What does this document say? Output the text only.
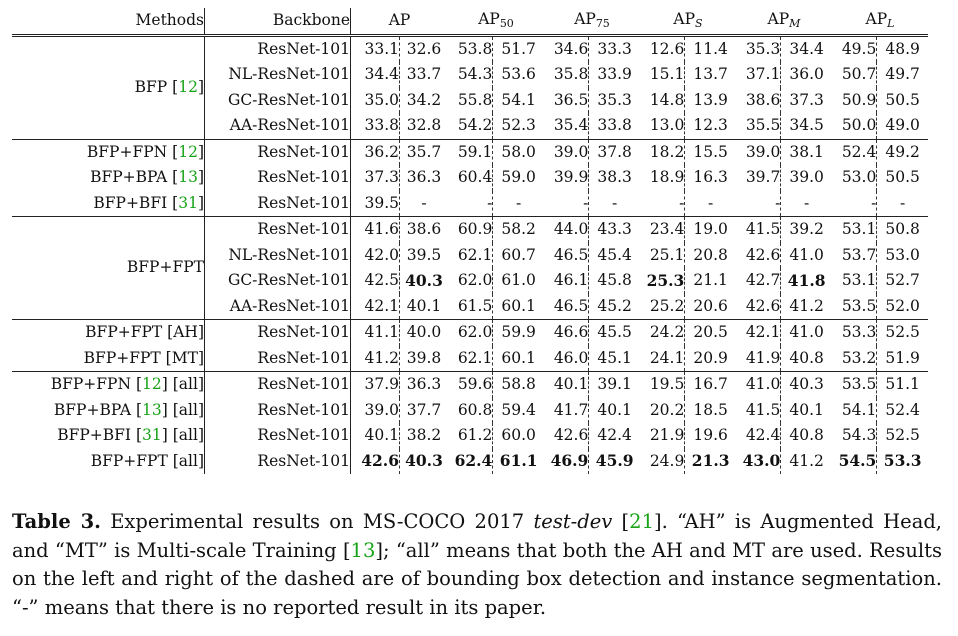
Methods	Backbone	AP		$AP_{50}$		$AP_{75}$		$AP_S$		$AP_M$		$AP_L$
BFP [12]	ResNet-101	33.1	32.6	53.8	51.7	34.6	33.3	12.6	11.4	35.3	34.4	49.5	48.9
	NL-ResNet-101	34.4	33.7	54.3	53.6	35.8	33.9	15.1	13.7	37.1	36.0	50.7	49.7
	GC-ResNet-101	35.0	34.2	55.8	54.1	36.5	35.3	14.8	13.9	38.6	37.3	50.9	50.5
	AA-ResNet-101	33.8	32.8	54.2	52.3	35.4	33.8	13.0	12.3	35.5	34.5	50.0	49.0
BFP+FPN [12]	ResNet-101	36.2	35.7	59.1	58.0	39.0	37.8	18.2	15.5	39.0	38.1	52.4	49.2
BFP+BPA [13]	ResNet-101	37.3	36.3	60.4	59.0	39.9	38.3	18.9	16.3	39.7	39.0	53.0	50.5
BFP+BFI [31]	ResNet-101	39.5	-	-	-	-	-	-	-	-	-	-	-
BFP+FPT	ResNet-101	41.6	38.6	60.9	58.2	44.0	43.3	23.4	19.0	41.5	39.2	53.1	50.8
	NL-ResNet-101	42.0	39.5	62.1	60.7	46.5	45.4	25.1	20.8	42.6	41.0	53.7	53.0
	GC-ResNet-101	42.5	40.3	62.0	61.0	46.1	45.8	25.3	21.1	42.7	41.8	53.1	52.7
	AA-ResNet-101	42.1	40.1	61.5	60.1	46.5	45.2	25.2	20.6	42.6	41.2	53.5	52.0
BFP+FPT [AH]	ResNet-101	41.1	40.0	62.0	59.9	46.6	45.5	24.2	20.5	42.1	41.0	53.3	52.5
BFP+FPT [MT]	ResNet-101	41.2	39.8	62.1	60.1	46.0	45.1	24.1	20.9	41.9	40.8	53.2	51.9
BFP+FPN [12] [all]	ResNet-101	37.9	36.3	59.6	58.8	40.1	39.1	19.5	16.7	41.0	40.3	53.5	51.1
BFP+BPA [13] [all]	ResNet-101	39.0	37.7	60.8	59.4	41.7	40.1	20.2	18.5	41.5	40.1	54.1	52.4
BFP+BFI [31] [all]	ResNet-101	40.1	38.2	61.2	60.0	42.6	42.4	21.9	19.6	42.4	40.8	54.3	52.5
BFP+FPT [all]	ResNet-101	42.6	40.3	62.4	61.1	46.9	45.9	24.9	21.3	43.0	41.2	54.5	53.3
Table 3. Experimental results on MS-COCO 2017 test-dev [21]. “AH” is Augmented Head, and “MT” is Multi-scale Training [13]; “all” means that both the AH and MT are used. Results on the left and right of the dashed are of bounding box detection and instance segmentation. “-” means that there is no reported result in its paper.
